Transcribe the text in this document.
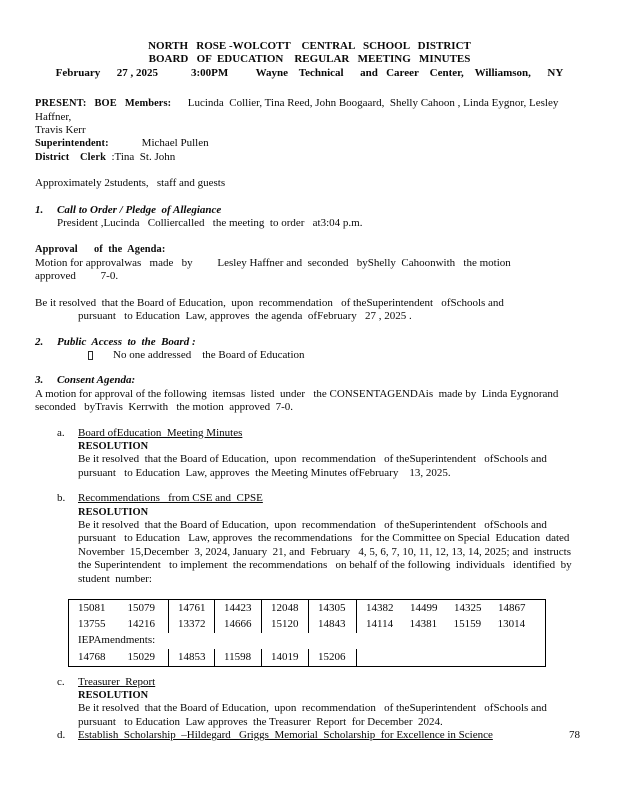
NORTH   ROSE -WOLCOTT    CENTRAL   SCHOOL   DISTRICT
BOARD   OF  EDUCATION    REGULAR   MEETING   MINUTES
February      27 , 2025            3:00PM          Wayne    Technical      and   Career    Center,    Williamson,      NY
PRESENT:   BOE   Members:      Lucinda  Collier, Tina Reed, John Boogaard,  Shelly Cahoon , Linda Eygnor, Lesley Haffner,
Travis Kerr
Superintendent:            Michael Pullen
District    Clerk  :Tina  St. John
Approximately 2students,   staff and guests
1. Call to Order / Pledge  of Allegiance
President ,Lucinda   Colliercalled   the meeting  to order   at3:04 p.m.
Approval      of  the  Agenda:
Motion for approvalwas   made   by         Lesley Haffner and  seconded   byShelly  Cahoonwith   the motion
approved         7-0.
Be it resolved  that the Board of Education,  upon  recommendation   of theSuperintendent   ofSchools and
pursuant   to Education  Law, approves  the agenda  ofFebruary   27 , 2025 .
2. Public  Access  to  the  Board :
No one addressed    the Board of Education
3. Consent Agenda:
A motion for approval of the following  itemsas  listed  under   the CONSENTAGENDAis  made by  Linda Eygnorand
seconded   byTravis  Kerrwith   the motion  approved  7-0.
a. Board ofEducation  Meeting Minutes
RESOLUTION
Be it resolved  that the Board of Education,  upon  recommendation   of theSuperintendent   ofSchools and
pursuant   to Education  Law, approves  the Meeting Minutes ofFebruary    13, 2025.
b. Recommendations   from CSE and  CPSE
RESOLUTION
Be it resolved  that the Board of Education,  upon  recommendation   of theSuperintendent   ofSchools and
pursuant   to Education   Law, approves  the recommendations   for the Committee on Special  Education  dated
November  15,December  3, 2024, January  21, and  February   4, 5, 6, 7, 10, 11, 12, 13, 14, 2025; and  instructs
the Superintendent   to implement  the recommendations   on behalf of the following  individuals   identified  by
student  number:
15081        15079	14761	14423	12048	14305	14382      14499      14325      14867
13755        14216	13372	14666	15120	14843	14114      14381      15159      13014
IEPAmendments:					
14768        15029	14853	11598	14019	15206	
c. Treasurer  Report
RESOLUTION
Be it resolved  that the Board of Education,  upon  recommendation   of theSuperintendent   ofSchools and
pursuant   to Education  Law approves  the Treasurer  Report  for December  2024.
d. Establish  Scholarship  –Hildegard   Griggs  Memorial  Scholarship  for Excellence in Science	78
